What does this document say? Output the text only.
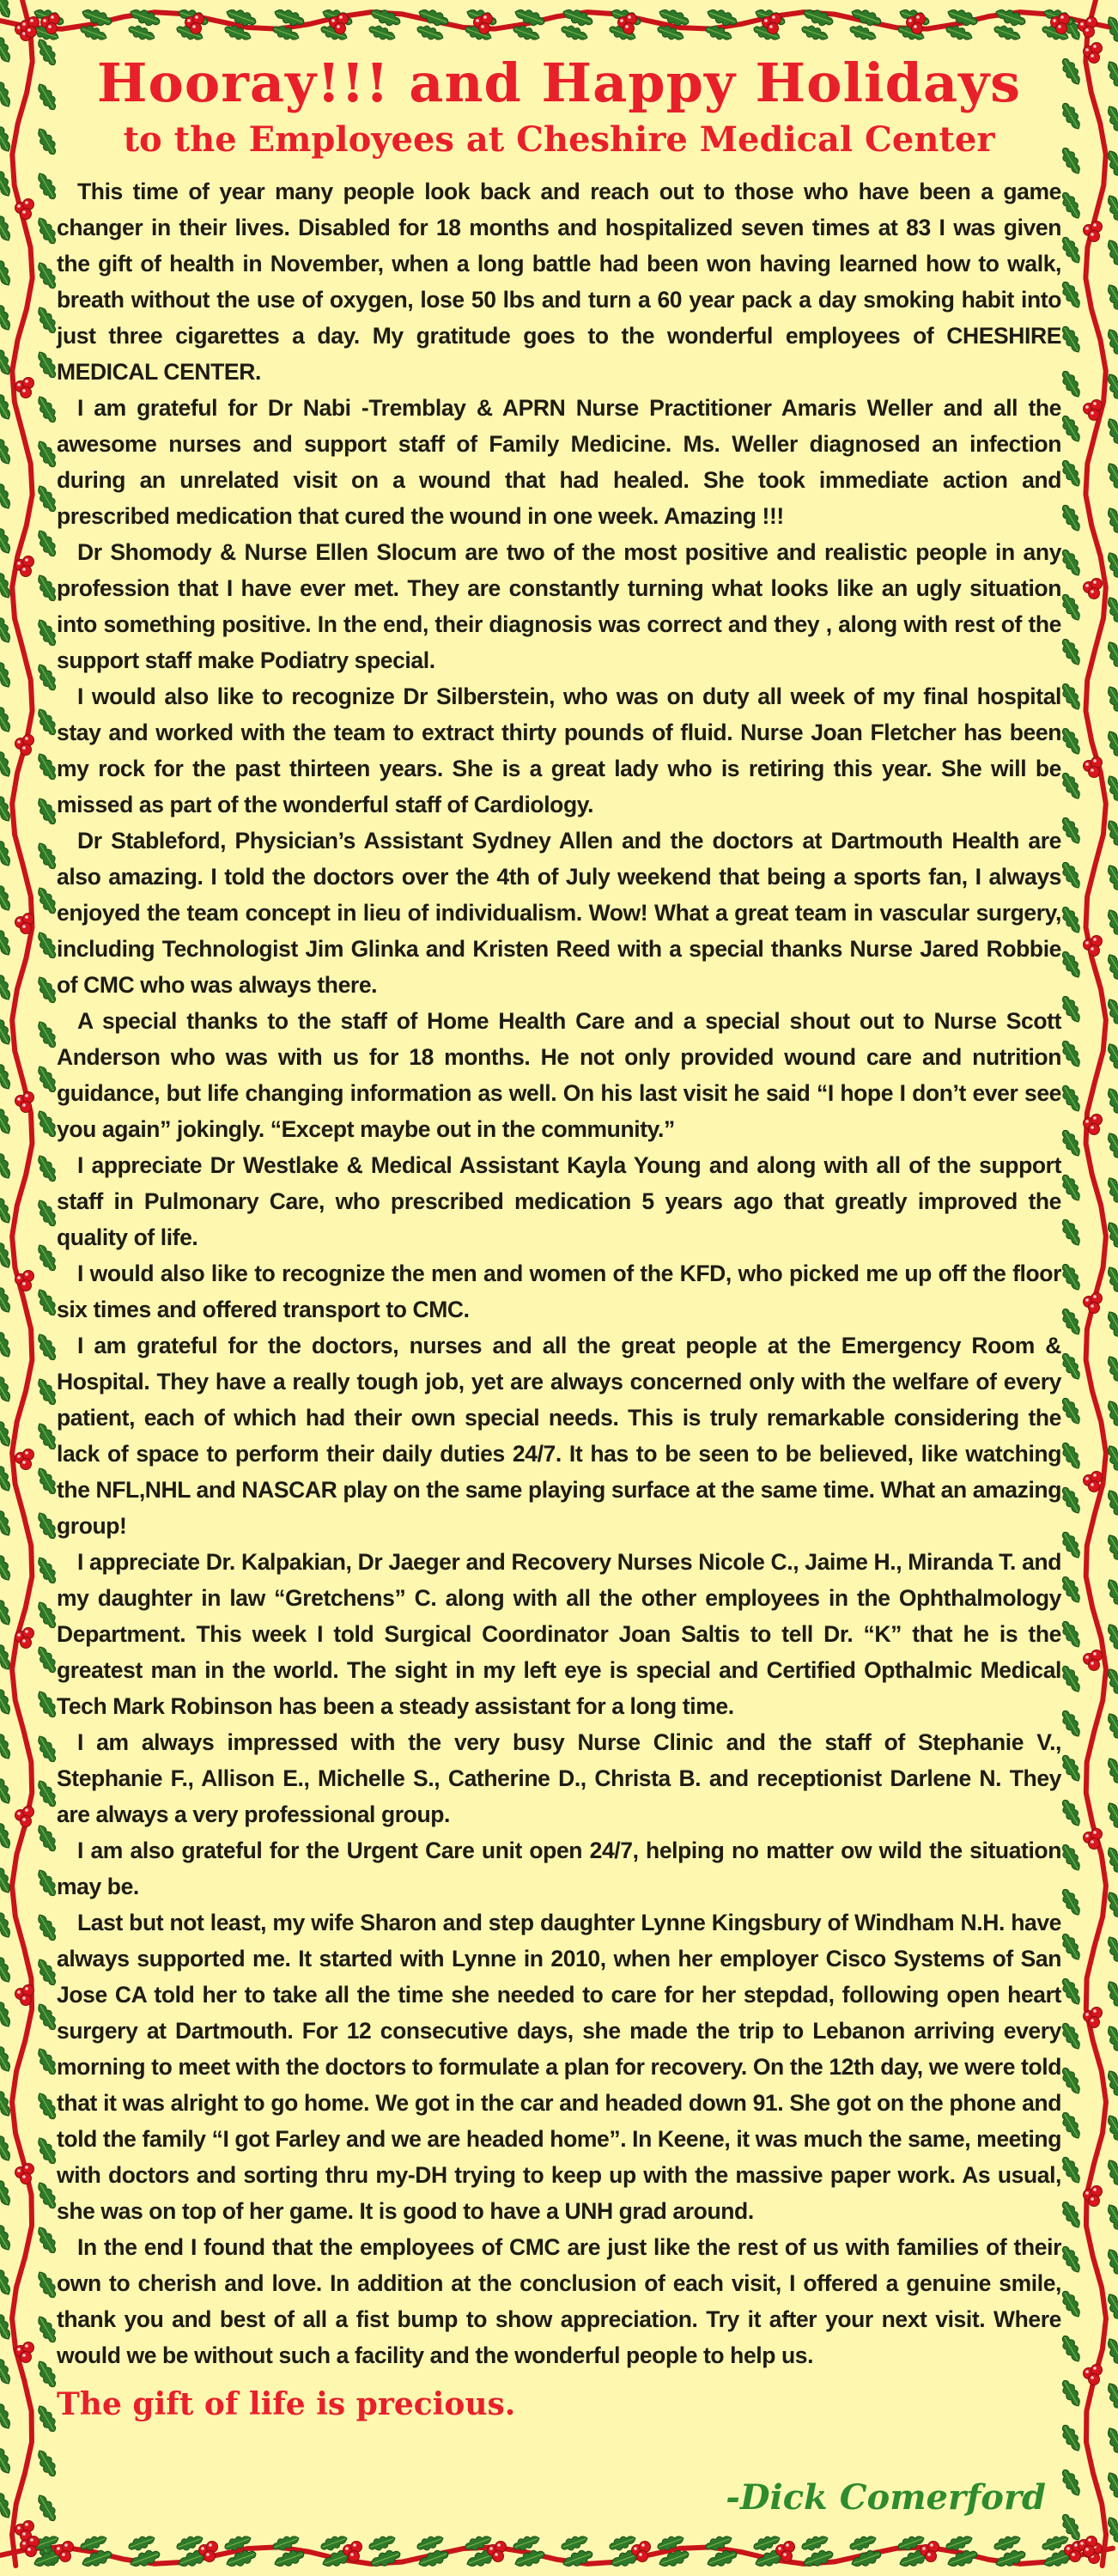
Hooray!!! and Happy Holidays
to the Employees at Cheshire Medical Center

This time of year many people look back and reach out to those who have been a game changer in their lives. Disabled for 18 months and hospitalized seven times at 83 I was given the gift of health in November, when a long battle had been won having learned how to walk, breath without the use of oxygen, lose 50 lbs and turn a 60 year pack a day smoking habit into just three cigarettes a day. My gratitude goes to the wonderful employees of CHESHIRE MEDICAL CENTER.

I am grateful for Dr Nabi -Tremblay & APRN Nurse Practitioner Amaris Weller and all the awesome nurses and support staff of Family Medicine. Ms. Weller diagnosed an infection during an unrelated visit on a wound that had healed. She took immediate action and prescribed medication that cured the wound in one week. Amazing !!!

Dr Shomody & Nurse Ellen Slocum are two of the most positive and realistic people in any profession that I have ever met. They are constantly turning what looks like an ugly situation into something positive. In the end, their diagnosis was correct and they , along with rest of the support staff make Podiatry special.

I would also like to recognize Dr Silberstein, who was on duty all week of my final hospital stay and worked with the team to extract thirty pounds of fluid. Nurse Joan Fletcher has been my rock for the past thirteen years. She is a great lady who is retiring this year. She will be missed as part of the wonderful staff of Cardiology.

Dr Stableford, Physician’s Assistant Sydney Allen and the doctors at Dartmouth Health are also amazing. I told the doctors over the 4th of July weekend that being a sports fan, I always enjoyed the team concept in lieu of individualism. Wow! What a great team in vascular surgery, including Technologist Jim Glinka and Kristen Reed with a special thanks Nurse Jared Robbie of CMC who was always there.

A special thanks to the staff of Home Health Care and a special shout out to Nurse Scott Anderson who was with us for 18 months. He not only provided wound care and nutrition guidance, but life changing information as well. On his last visit he said “I hope I don’t ever see you again” jokingly. “Except maybe out in the community.”

I appreciate Dr Westlake & Medical Assistant Kayla Young and along with all of the support staff in Pulmonary Care, who prescribed medication 5 years ago that greatly improved the quality of life.

I would also like to recognize the men and women of the KFD, who picked me up off the floor six times and offered transport to CMC.

I am grateful for the doctors, nurses and all the great people at the Emergency Room & Hospital. They have a really tough job, yet are always concerned only with the welfare of every patient, each of which had their own special needs. This is truly remarkable considering the lack of space to perform their daily duties 24/7. It has to be seen to be believed, like watching the NFL,NHL and NASCAR play on the same playing surface at the same time. What an amazing group!

I appreciate Dr. Kalpakian, Dr Jaeger and Recovery Nurses Nicole C., Jaime H., Miranda T. and my daughter in law “Gretchens” C. along with all the other employees in the Ophthalmology Department. This week I told Surgical Coordinator Joan Saltis to tell Dr. “K” that he is the greatest man in the world. The sight in my left eye is special and Certified Opthalmic Medical Tech Mark Robinson has been a steady assistant for a long time.

I am always impressed with the very busy Nurse Clinic and the staff of Stephanie V., Stephanie F., Allison E., Michelle S., Catherine D., Christa B. and receptionist Darlene N. They are always a very professional group.

I am also grateful for the Urgent Care unit open 24/7, helping no matter ow wild the situation may be.

Last but not least, my wife Sharon and step daughter Lynne Kingsbury of Windham N.H. have always supported me. It started with Lynne in 2010, when her employer Cisco Systems of San Jose CA told her to take all the time she needed to care for her stepdad, following open heart surgery at Dartmouth. For 12 consecutive days, she made the trip to Lebanon arriving every morning to meet with the doctors to formulate a plan for recovery. On the 12th day, we were told that it was alright to go home. We got in the car and headed down 91. She got on the phone and told the family “I got Farley and we are headed home”. In Keene, it was much the same, meeting with doctors and sorting thru my-DH trying to keep up with the massive paper work. As usual, she was on top of her game. It is good to have a UNH grad around.

In the end I found that the employees of CMC are just like the rest of us with families of their own to cherish and love. In addition at the conclusion of each visit, I offered a genuine smile, thank you and best of all a fist bump to show appreciation. Try it after your next visit. Where would we be without such a facility and the wonderful people to help us.

The gift of life is precious.

-Dick Comerford
